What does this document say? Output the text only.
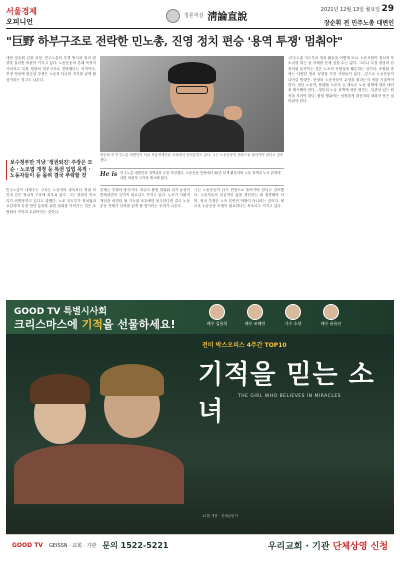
서울경제
오피니언
청론직설 淸論直說
2021년 12월 13일 월요일 29
장순휘 전 민주노총 대변인
"巨野 하부구조로 전락한 민노총, 진영 정치 편승 '용역 투쟁' 멈춰야"

대담 장순휘 김광 차장. 민주노총의 투쟁 방식과 정치 편향을 둘러싼 비판이 커지고 있다. 노동운동의 본래 목적이 사라지고 특정 정당의 하부구조로 전락했다는 지적이다. 진영 정치에 편승한 투쟁은 노동자 다수의 지지를 잃게 될 것이라는 경고도 나온다.

보수정부만 겨냥 '정권퇴진' 주장은 모순 · 노조법 개정 등 특권 입법 목적 · 노동자들이 등 돌려 결국 추락할 것
장순휘 전 민주노총 대변인이 서울 서울경제신문 사옥에서 인터뷰하고 있다. 그는 노동운동이 현장으로 돌아가야 한다고 강조했다.
He is 민주노총 대변인과 정책실장 등을 역임했다. 노동운동 현장에서 30년 넘게 활동하며 노동 정책과 노사 관계에 대한 비판적 시각을 제시해 왔다.

민주노총이 내세우는 구호는 노동자의 권익보다 정권 퇴진과 같은 정치적 구호에 치우쳐 있다. 그는 현장의 목소리가 외면당하고 있다고 말했다. 노조 지도부가 정치권과 교감하며 특정 법안 통과를 위한 집회를 이어가는 것은 조합원의 이익과 무관하다는 것이다.

문제는 투쟁의 방식이다. 대규모 불법 집회와 점거 농성이 반복되면서 국민적 피로감도 커지고 있다. 노조가 사회적 책임을 외면한 채 기득권 보호에만 몰두한다면 결국 노동운동 전체가 신뢰를 잃게 될 것이라는 우려가 나온다.

그는 노동운동이 다시 현장으로 돌아가야 한다고 강조했다. 노동자들의 실질적인 삶을 개선하는 데 집중해야 하며, 정치 투쟁은 노조 본연의 역할이 아니라는 것이다. 새로운 노동운동 모델이 필요하다는 목소리도 커지고 있다.

-민주노총 지도부의 정치 활동을 어떻게 보나. 노동조합이 정치적 목소리를 내는 것 자체를 문제 삼을 수는 없다. 그러나 특정 정당과 한 몸처럼 움직이는 것은 노조의 독립성을 훼손하는 일이다. 조합원 중에는 다양한 정치 성향을 가진 사람들이 있다. -앞으로 노동운동이 나아갈 방향은. 현장의 노동자들이 무엇을 원하는지 귀를 기울여야 한다. 청년 노동자, 플랫폼 노동자 등 새로운 노동 형태에 대한 대안을 제시해야 한다. -정부의 노동 정책에 대한 평가는. 일관성 있는 원칙을 지켜야 한다. 불법 행위에는 엄정하게 대응하되 대화의 문은 열어둬야 한다.

GOOD TV 특별시사회
크리스마스에 기적을 선물하세요!	배우 김용희	배우 조혜련	가수 소향	배우 윤유선
전미 박스오피스 4주간 TOP10
기적을 믿는 소녀
THE GIRL WHO BELIEVES IN MIRACLES
12월 개봉 · 전체관람가
GOOD TV GEISSN · 교회 · 기관 문의 1522-5221	우리교회 · 기관 단체상영 신청
